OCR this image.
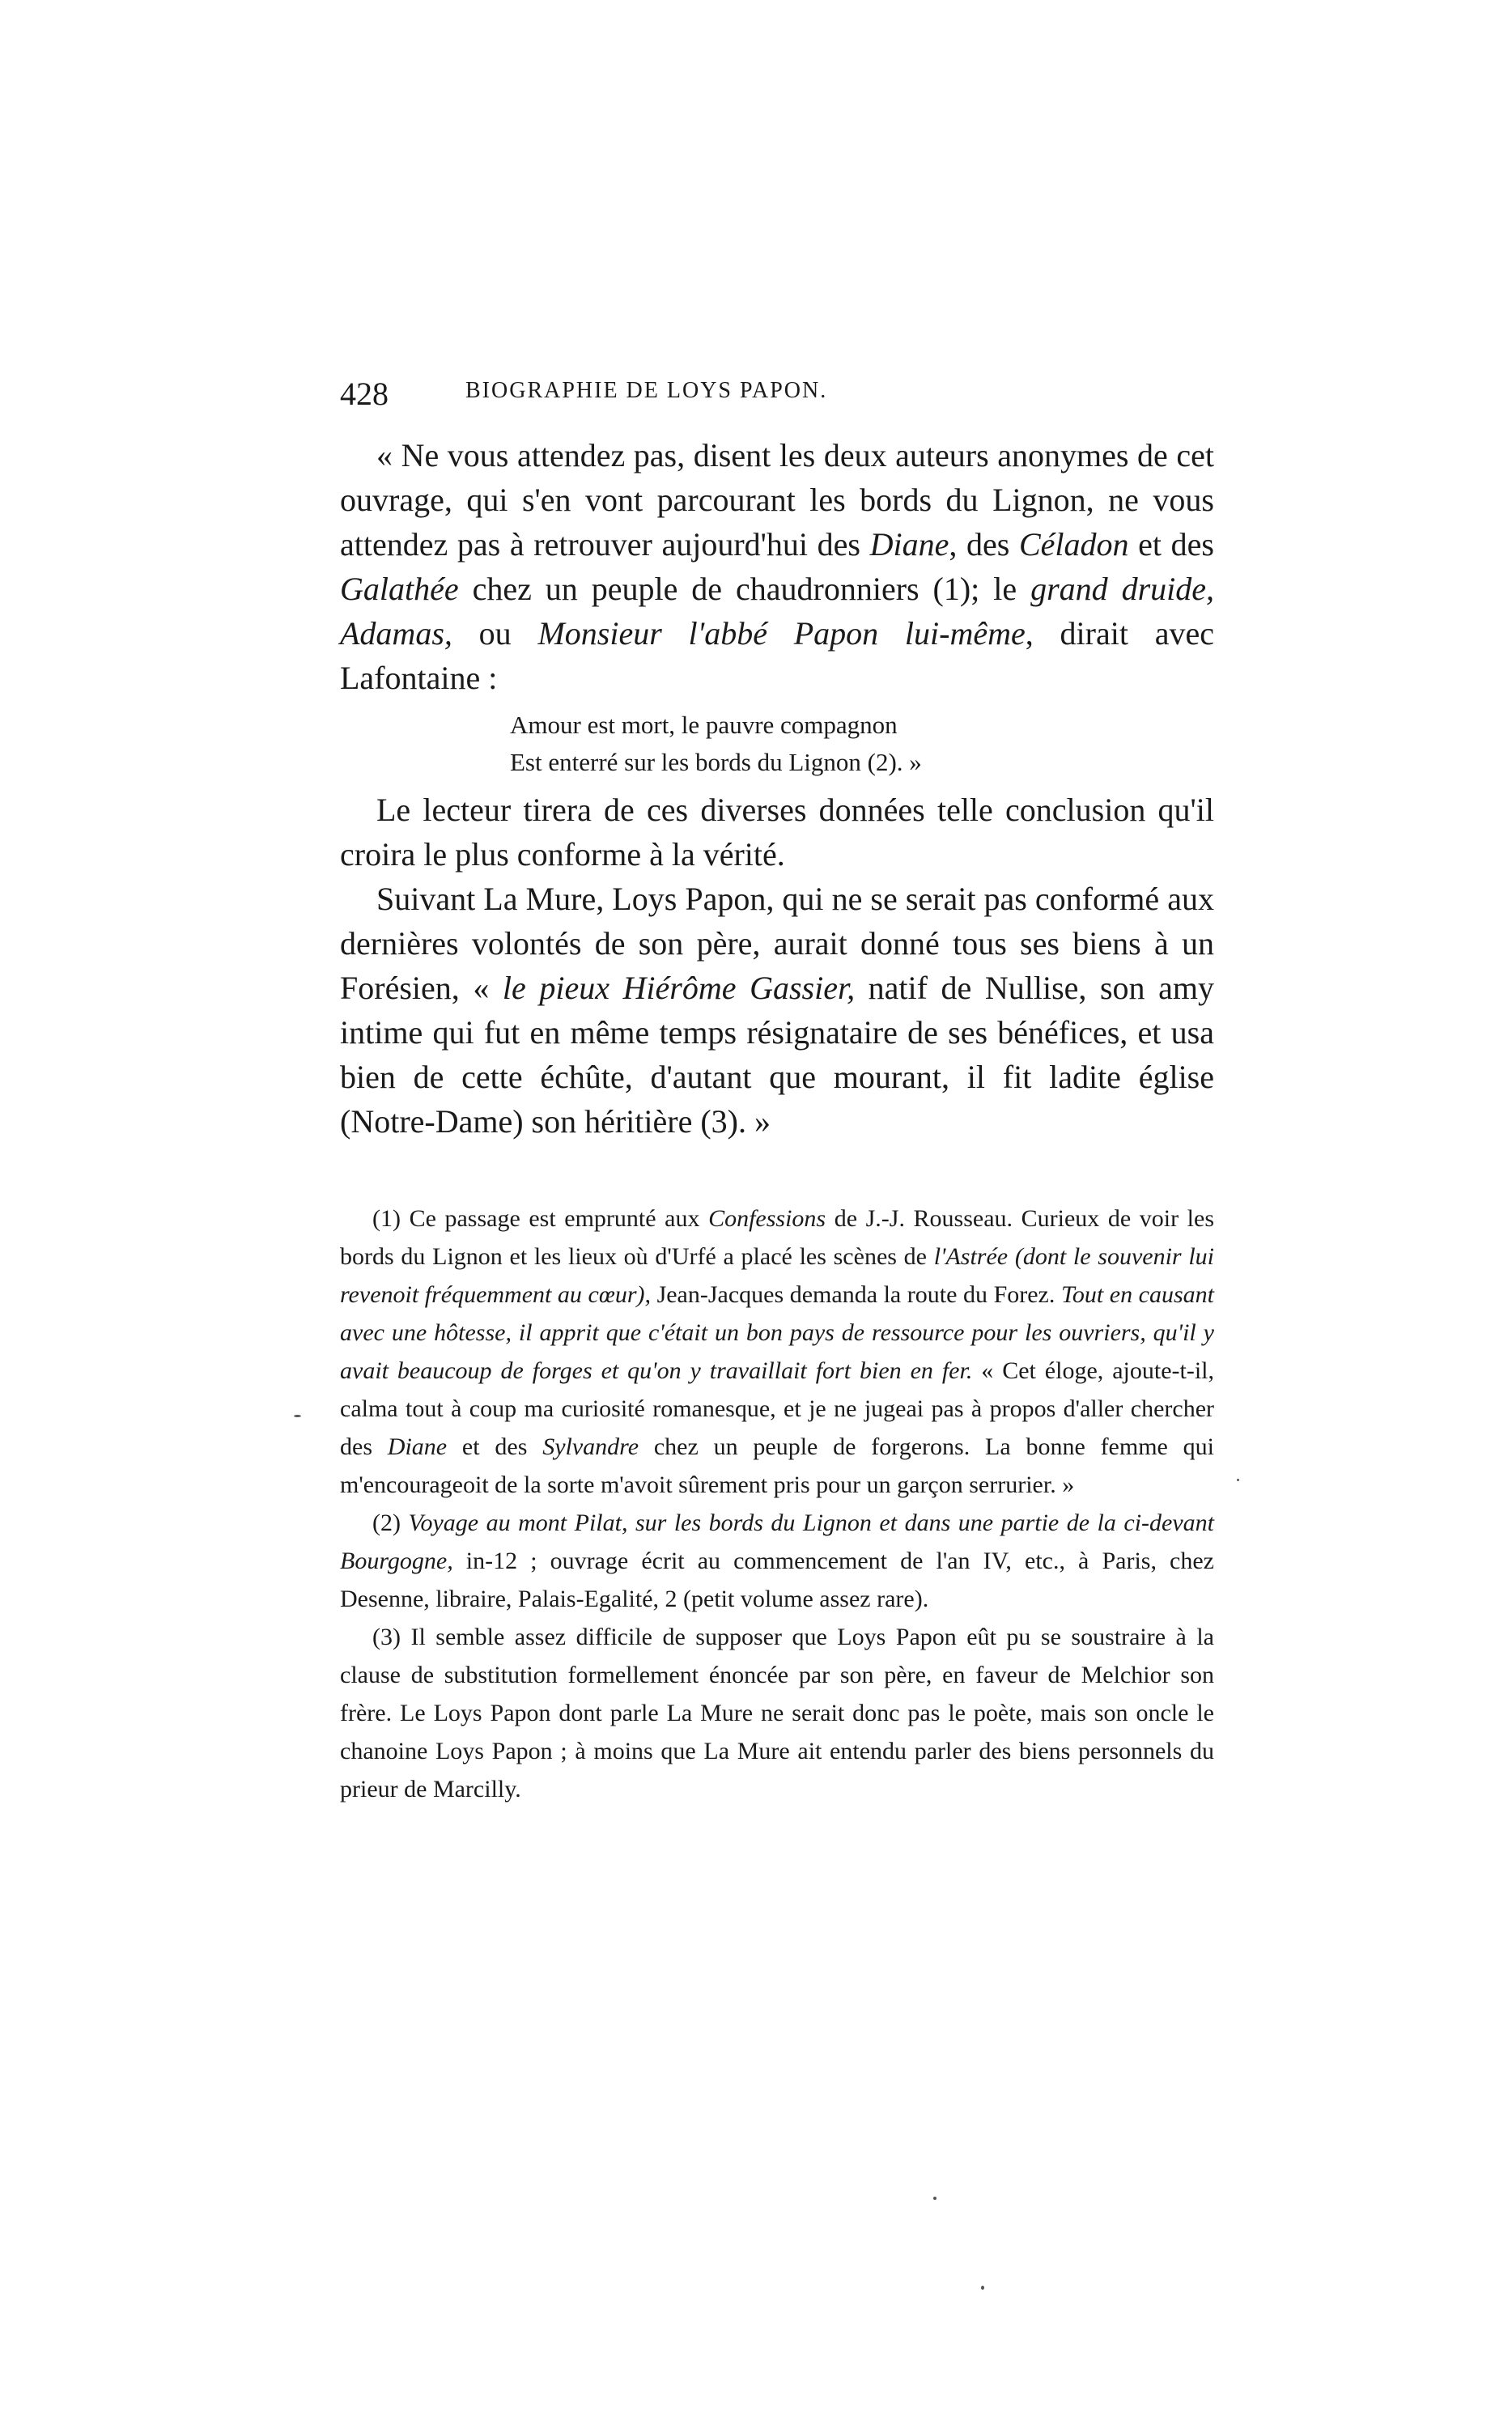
428	BIOGRAPHIE DE LOYS PAPON.

« Ne vous attendez pas, disent les deux auteurs anonymes de cet ouvrage, qui s'en vont parcourant les bords du Lignon, ne vous attendez pas à retrouver aujourd'hui des Diane, des Céladon et des Galathée chez un peuple de chaudronniers (1); le grand druide, Adamas, ou Monsieur l'abbé Papon lui-même, dirait avec Lafontaine :

Amour est mort, le pauvre compagnon
Est enterré sur les bords du Lignon (2). »

Le lecteur tirera de ces diverses données telle conclusion qu'il croira le plus conforme à la vérité.

Suivant La Mure, Loys Papon, qui ne se serait pas conformé aux dernières volontés de son père, aurait donné tous ses biens à un Forésien, « le pieux Hiérôme Gassier, natif de Nullise, son amy intime qui fut en même temps résignataire de ses bénéfices, et usa bien de cette échûte, d'autant que mourant, il fit ladite église (Notre-Dame) son héritière (3). »

(1) Ce passage est emprunté aux Confessions de J.-J. Rousseau. Curieux de voir les bords du Lignon et les lieux où d'Urfé a placé les scènes de l'Astrée (dont le souvenir lui revenoit fréquemment au cœur), Jean-Jacques demanda la route du Forez. Tout en causant avec une hôtesse, il apprit que c'était un bon pays de ressource pour les ouvriers, qu'il y avait beaucoup de forges et qu'on y travaillait fort bien en fer. « Cet éloge, ajoute-t-il, calma tout à coup ma curiosité romanesque, et je ne jugeai pas à propos d'aller chercher des Diane et des Sylvandre chez un peuple de forgerons. La bonne femme qui m'encourageoit de la sorte m'avoit sûrement pris pour un garçon serrurier. »

(2) Voyage au mont Pilat, sur les bords du Lignon et dans une partie de la ci-devant Bourgogne, in-12 ; ouvrage écrit au commencement de l'an IV, etc., à Paris, chez Desenne, libraire, Palais-Egalité, 2 (petit volume assez rare).

(3) Il semble assez difficile de supposer que Loys Papon eût pu se soustraire à la clause de substitution formellement énoncée par son père, en faveur de Melchior son frère. Le Loys Papon dont parle La Mure ne serait donc pas le poète, mais son oncle le chanoine Loys Papon ; à moins que La Mure ait entendu parler des biens personnels du prieur de Marcilly.
